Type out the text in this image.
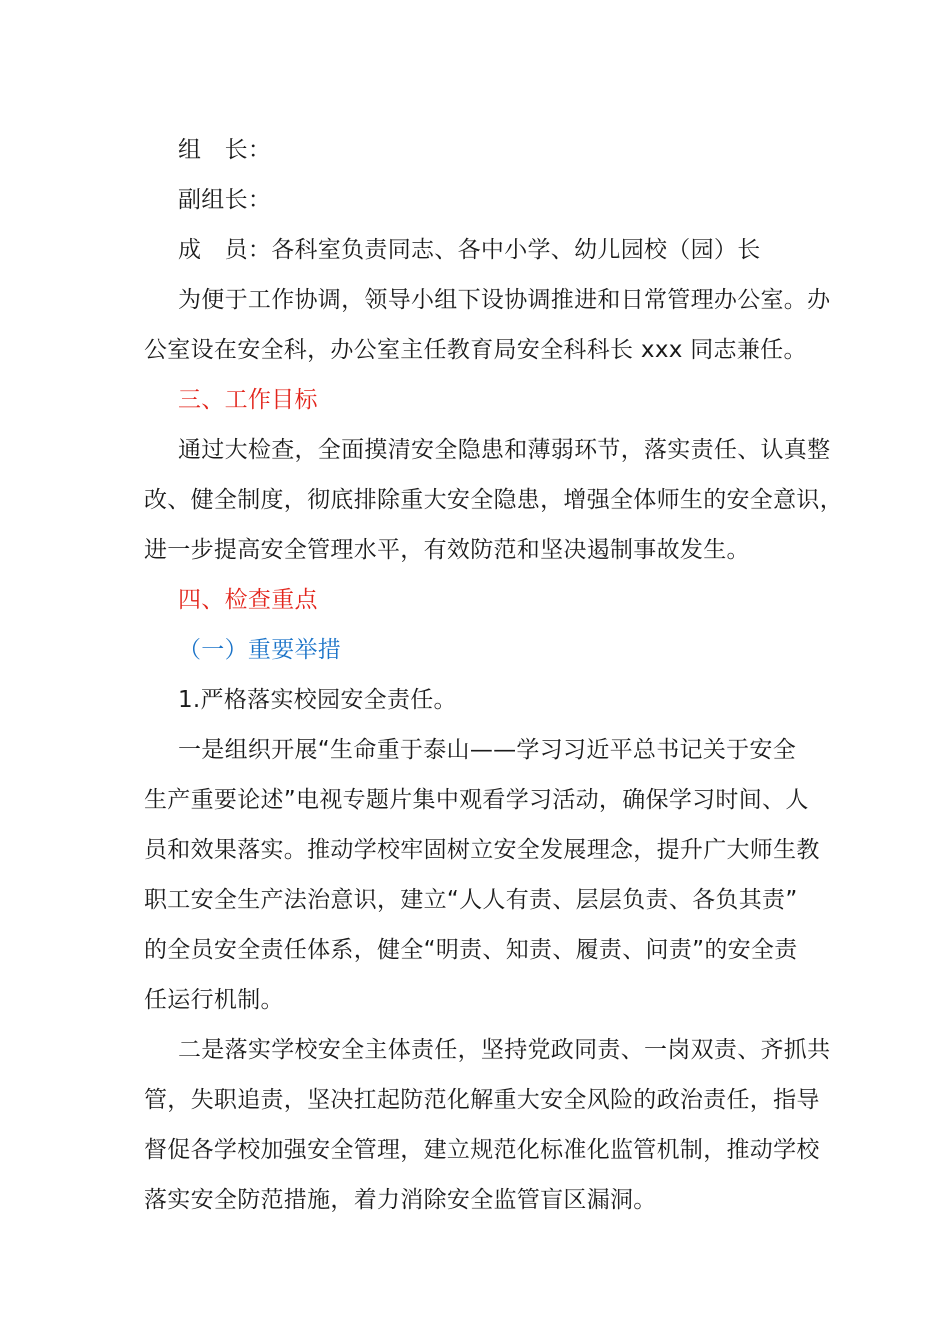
组　长：
副组长：
成　员：各科室负责同志、各中小学、幼儿园校（园）长
为便于工作协调，领导小组下设协调推进和日常管理办公室。办
公室设在安全科，办公室主任教育局安全科科长 xxx 同志兼任。
三、工作目标
通过大检查，全面摸清安全隐患和薄弱环节，落实责任、认真整
改、健全制度，彻底排除重大安全隐患，增强全体师生的安全意识，
进一步提高安全管理水平，有效防范和坚决遏制事故发生。
四、检查重点
（一）重要举措
1.严格落实校园安全责任。
一是组织开展“生命重于泰山——学习习近平总书记关于安全
生产重要论述”电视专题片集中观看学习活动，确保学习时间、人
员和效果落实。推动学校牢固树立安全发展理念，提升广大师生教
职工安全生产法治意识，建立“人人有责、层层负责、各负其责”
的全员安全责任体系，健全“明责、知责、履责、问责”的安全责
任运行机制。
二是落实学校安全主体责任，坚持党政同责、一岗双责、齐抓共
管，失职追责，坚决扛起防范化解重大安全风险的政治责任，指导
督促各学校加强安全管理，建立规范化标准化监管机制，推动学校
落实安全防范措施，着力消除安全监管盲区漏洞。
